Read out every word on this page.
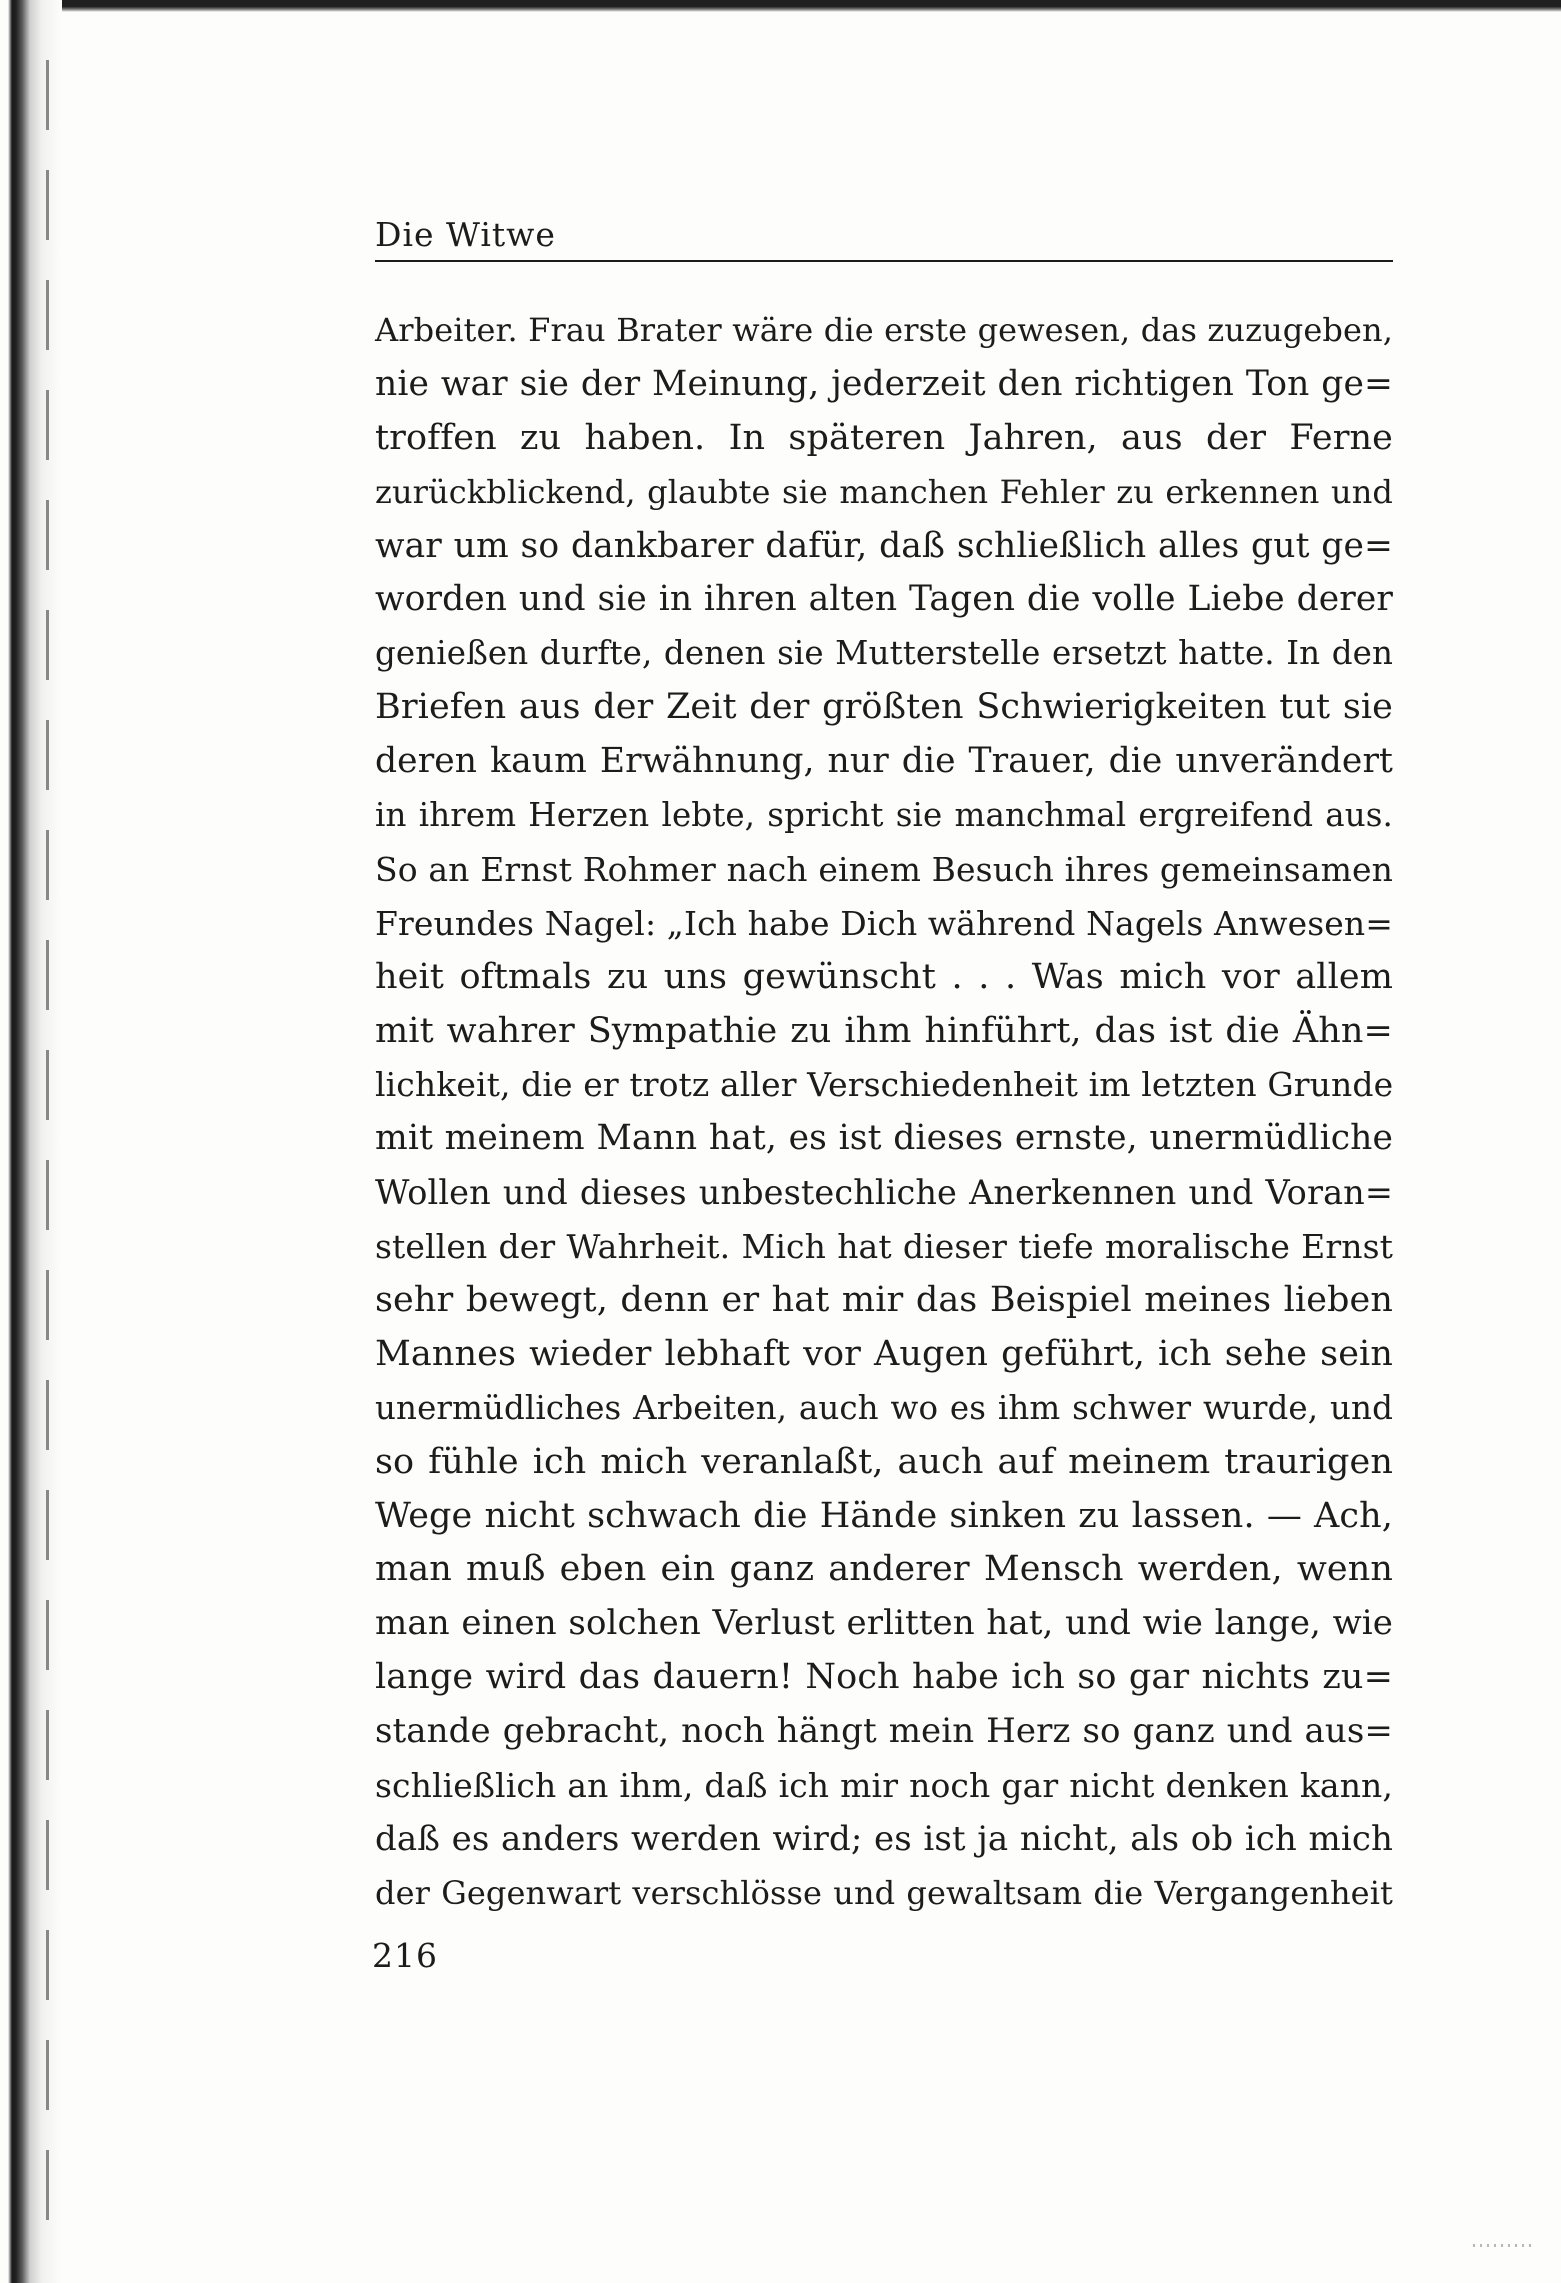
Die Witwe
Arbeiter. Frau Brater wäre die erste gewesen, das zuzugeben,
nie war sie der Meinung, jederzeit den richtigen Ton ge=
troffen zu haben. In späteren Jahren, aus der Ferne
zurückblickend, glaubte sie manchen Fehler zu erkennen und
war um so dankbarer dafür, daß schließlich alles gut ge=
worden und sie in ihren alten Tagen die volle Liebe derer
genießen durfte, denen sie Mutterstelle ersetzt hatte. In den
Briefen aus der Zeit der größten Schwierigkeiten tut sie
deren kaum Erwähnung, nur die Trauer, die unverändert
in ihrem Herzen lebte, spricht sie manchmal ergreifend aus.
So an Ernst Rohmer nach einem Besuch ihres gemeinsamen
Freundes Nagel: „Ich habe Dich während Nagels Anwesen=
heit oftmals zu uns gewünscht . . . Was mich vor allem
mit wahrer Sympathie zu ihm hinführt, das ist die Ähn=
lichkeit, die er trotz aller Verschiedenheit im letzten Grunde
mit meinem Mann hat, es ist dieses ernste, unermüdliche
Wollen und dieses unbestechliche Anerkennen und Voran=
stellen der Wahrheit. Mich hat dieser tiefe moralische Ernst
sehr bewegt, denn er hat mir das Beispiel meines lieben
Mannes wieder lebhaft vor Augen geführt, ich sehe sein
unermüdliches Arbeiten, auch wo es ihm schwer wurde, und
so fühle ich mich veranlaßt, auch auf meinem traurigen
Wege nicht schwach die Hände sinken zu lassen. — Ach,
man muß eben ein ganz anderer Mensch werden, wenn
man einen solchen Verlust erlitten hat, und wie lange, wie
lange wird das dauern! Noch habe ich so gar nichts zu=
stande gebracht, noch hängt mein Herz so ganz und aus=
schließlich an ihm, daß ich mir noch gar nicht denken kann,
daß es anders werden wird; es ist ja nicht, als ob ich mich
der Gegenwart verschlösse und gewaltsam die Vergangenheit
216
